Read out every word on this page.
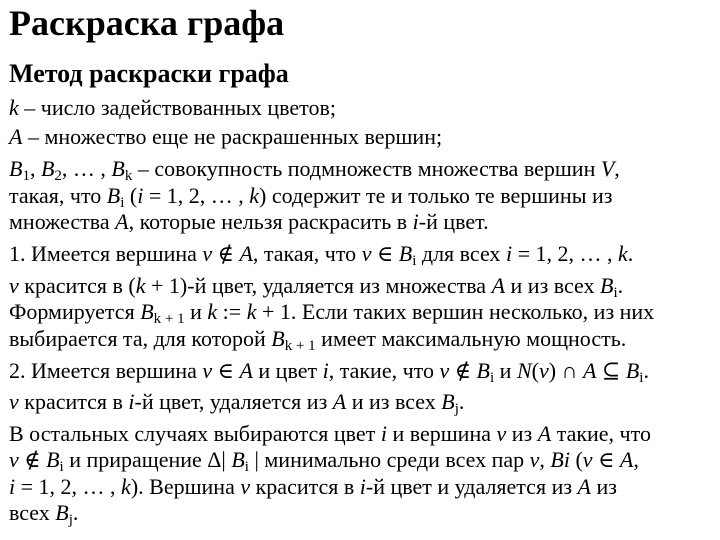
Раскраска графа
Метод раскраски графа

k – число задействованных цветов;

A – множество еще не раскрашенных вершин;

$B_1$, $B_2$, … , $B_k$ – совокупность подмножеств множества вершин V,

такая, что $B_i$ (i = 1, 2, … , k) содержит те и только те вершины из

множества A, которые нельзя раскрасить в i-й цвет.

1. Имеется вершина v ∉ A, такая, что v ∈ $B_i$ для всех i = 1, 2, … , k.

v красится в (k + 1)-й цвет, удаляется из множества A и из всех $B_i$.

Формируется $B_{k + 1}$ и k := k + 1. Если таких вершин несколько, из них

выбирается та, для которой $B_{k + 1}$ имеет максимальную мощность.

2. Имеется вершина v ∈ A и цвет i, такие, что v ∉ $B_i$ и N(v) ∩ A ⊆ $B_i$.

v красится в i-й цвет, удаляется из A и из всех $B_j$.

В остальных случаях выбираются цвет i и вершина v из A такие, что

v ∉ $B_i$ и приращение Δ| $B_i$ | минимально среди всех пар v, Bi (v ∈ A,

i = 1, 2, … , k). Вершина v красится в i-й цвет и удаляется из A из

всех $B_j$.
